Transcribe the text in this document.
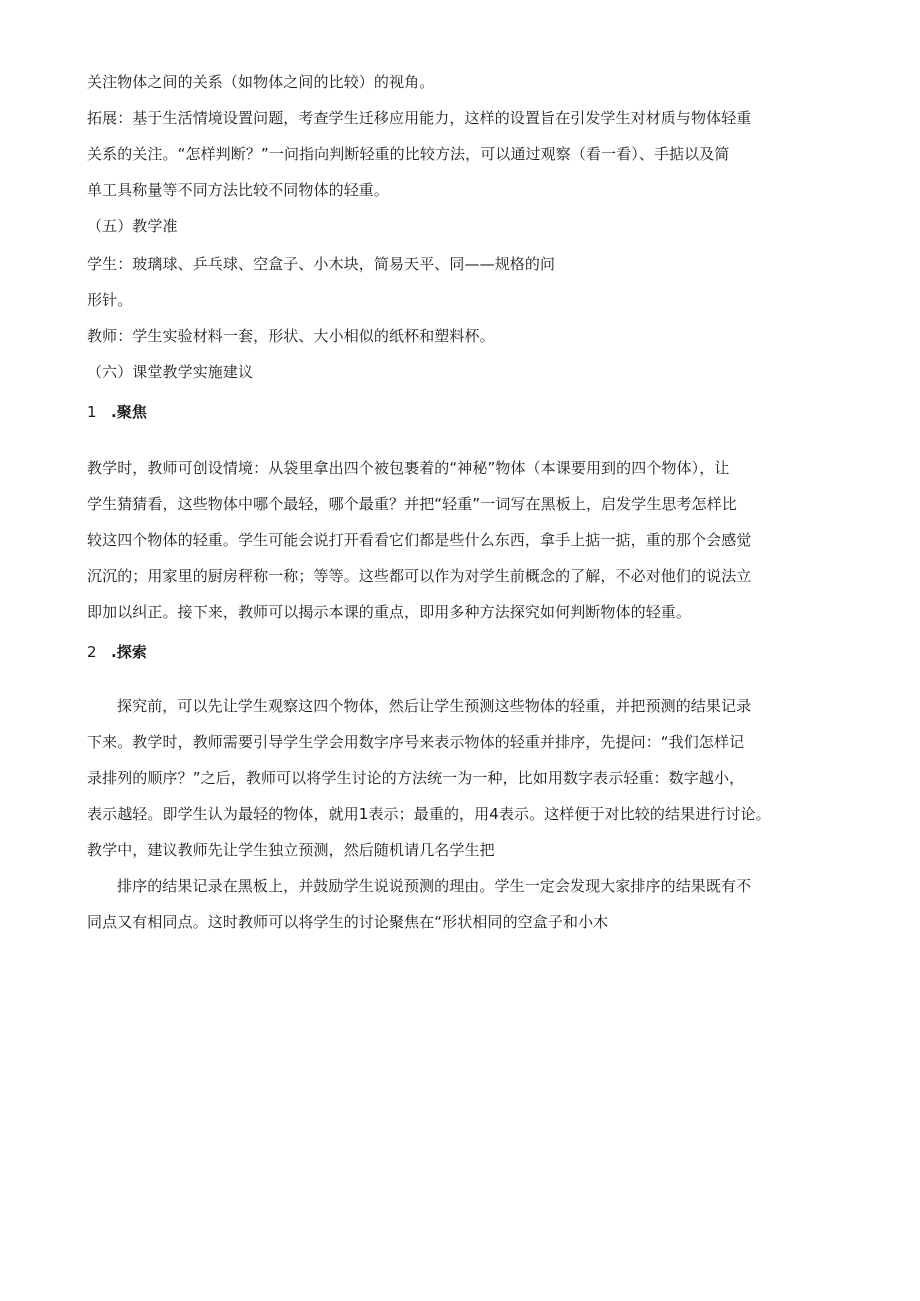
关注物体之间的关系（如物体之间的比较）的视角。
拓展：基于生活情境设置问题，考查学生迁移应用能力，这样的设置旨在引发学生对材质与物体轻重
关系的关注。“怎样判断？”一问指向判断轻重的比较方法，可以通过观察（看一看）、手掂以及简
单工具称量等不同方法比较不同物体的轻重。
（五）教学准
学生：玻璃球、乒乓球、空盒子、小木块，简易天平、同——规格的问
形针。
教师：学生实验材料一套，形状、大小相似的纸杯和塑料杯。
（六）课堂教学实施建议
1 .聚焦
教学时，教师可创设情境：从袋里拿出四个被包裹着的“神秘”物体（本课要用到的四个物体），让
学生猜猜看，这些物体中哪个最轻，哪个最重？并把“轻重”一词写在黑板上，启发学生思考怎样比
较这四个物体的轻重。学生可能会说打开看看它们都是些什么东西，拿手上掂一掂，重的那个会感觉
沉沉的；用家里的厨房秤称一称；等等。这些都可以作为对学生前概念的了解，不必对他们的说法立
即加以纠正。接下来，教师可以揭示本课的重点，即用多种方法探究如何判断物体的轻重。
2 .探索
探究前，可以先让学生观察这四个物体，然后让学生预测这些物体的轻重，并把预测的结果记录
下来。教学时，教师需要引导学生学会用数字序号来表示物体的轻重并排序，先提问：“我们怎样记
录排列的顺序？”之后，教师可以将学生讨论的方法统一为一种，比如用数字表示轻重：数字越小，
表示越轻。即学生认为最轻的物体，就用1表示；最重的，用4表示。这样便于对比较的结果进行讨论。
教学中，建议教师先让学生独立预测，然后随机请几名学生把
排序的结果记录在黑板上，并鼓励学生说说预测的理由。学生一定会发现大家排序的结果既有不
同点又有相同点。这时教师可以将学生的讨论聚焦在“形状相同的空盒子和小木
